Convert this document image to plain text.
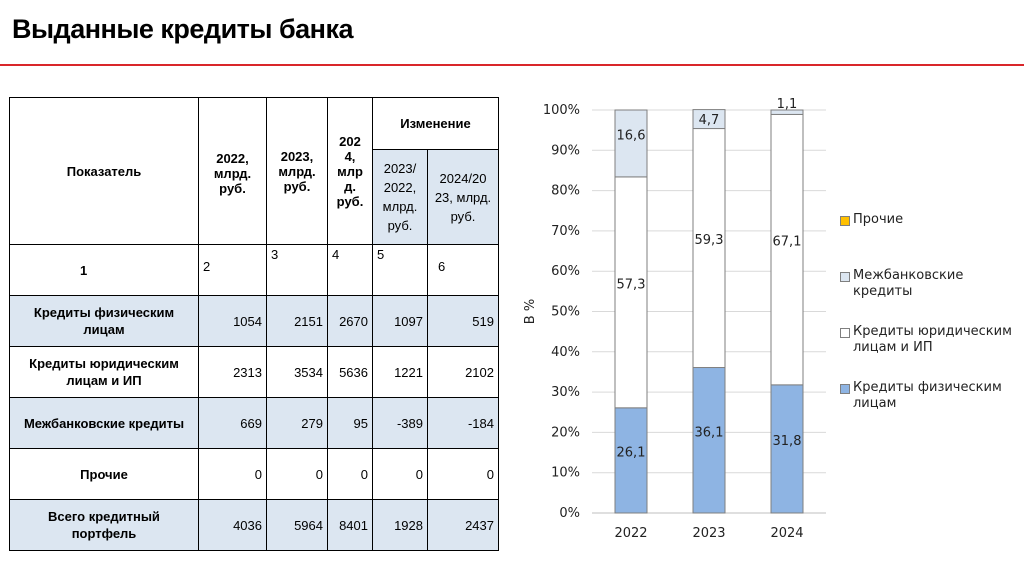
Выданные кредиты банка
Показатель	2022, млрд. руб.	2023, млрд. руб.	202 4, млр д. руб.	Изменение	
				2023/ 2022, млрд. руб.	2024/20 23, млрд. руб.
1	2	3	4	5	6
Кредиты физическим лицам	1054	2151	2670	1097	519
Кредиты юридическим лицам и ИП	2313	3534	5636	1221	2102
Межбанковские кредиты	669	279	95	-389	-184
Прочие	0	0	0	0	0
Всего кредитный портфель	4036	5964	8401	1928	2437
0%
10%
20%
30%
40%
50%
60%
70%
80%
90%
100%
В %
26,1
57,3
16,6
2022
36,1
59,3
4,7
2023
31,8
67,1
1,1
2024
Прочие
Межбанковские кредиты
Кредиты юридическим лицам и ИП
Кредиты физическим лицам
